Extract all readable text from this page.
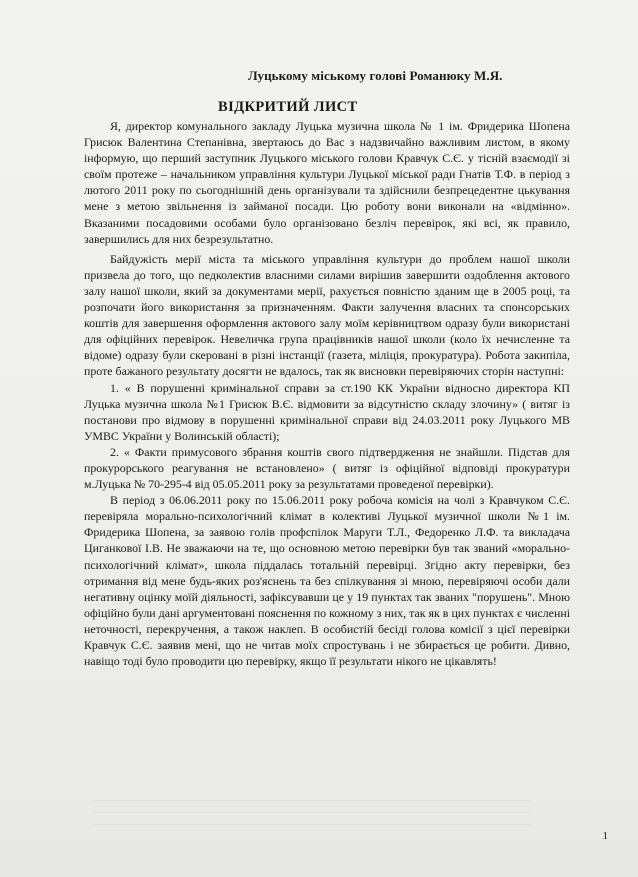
Луцькому міському голові Романюку М.Я.
ВІДКРИТИЙ ЛИСТ

Я, директор комунального закладу Луцька музична школа № 1 ім. Фридерика Шопена Грисюк Валентина Степанівна, звертаюсь до Вас з надзвичайно важливим листом, в якому інформую, що перший заступник Луцького міського голови Кравчук С.Є. у тісній взаємодії зі своїм протеже – начальником управління культури Луцької міської ради Гнатів Т.Ф. в період з лютого 2011 року по сьогоднішній день організували та здійснили безпрецедентне цькування мене з метою звільнення із займаної посади. Цю роботу вони виконали на «відмінно». Вказаними посадовими особами було організовано безліч перевірок, які всі, як правило, завершились для них безрезультатно.

Байдужість мерії міста та міського управління культури до проблем нашої школи призвела до того, що педколектив власними силами вирішив завершити оздоблення актового залу нашої школи, який за документами мерії, рахується повністю зданим ще в 2005 році, та розпочати його використання за призначенням. Факти залучення власних та спонсорських коштів для завершення оформлення актового залу моїм керівництвом одразу були використані для офіційних перевірок. Невеличка група працівників нашої школи (коло їх нечисленне та відоме) одразу були скеровані в різні інстанції (газета, міліція, прокуратура). Робота закипіла, проте бажаного результату досягти не вдалось, так як висновки перевіряючих сторін наступні:

1. « В порушенні кримінальної справи за ст.190 КК України відносно директора КП Луцька музична школа №1 Грисюк В.Є. відмовити за відсутністю складу злочину» ( витяг із постанови про відмову в порушенні кримінальної справи від 24.03.2011 року Луцького МВ УМВС України у Волинській області);

2. « Факти примусового збрання коштів свого підтвердження не знайшли. Підстав для прокурорського реагування не встановлено» ( витяг із офіційної відповіді прокуратури м.Луцька № 70-295-4 від 05.05.2011 року за результатами проведеної перевірки).

В період з 06.06.2011 року по 15.06.2011 року робоча комісія на чолі з Кравчуком С.Є. перевіряла морально-психологічний клімат в колективі Луцької музичної школи №1 ім. Фридерика Шопена, за заявою голів профспілок Маруги Т.Л., Федоренко Л.Ф. та викладача Циганкової І.В. Не зважаючи на те, що основною метою перевірки був так званий «морально-психологічний клімат», школа піддалась тотальній перевірці. Згідно акту перевірки, без отримання від мене будь-яких роз'яснень та без спілкування зі мною, перевіряючі особи дали негативну оцінку моїй діяльності, зафіксувавши це у 19 пунктах так званих "порушень". Мною офіційно були дані аргументовані пояснення по кожному з них, так як в цих пунктах є численні неточності, перекручення, а також наклеп. В особистій бесіді голова комісії з цієї перевірки Кравчук С.Є. заявив мені, що не читав моїх спростувань і не збирається це робити. Дивно, навіщо тоді було проводити цю перевірку, якщо її результати нікого не цікавлять!

1
